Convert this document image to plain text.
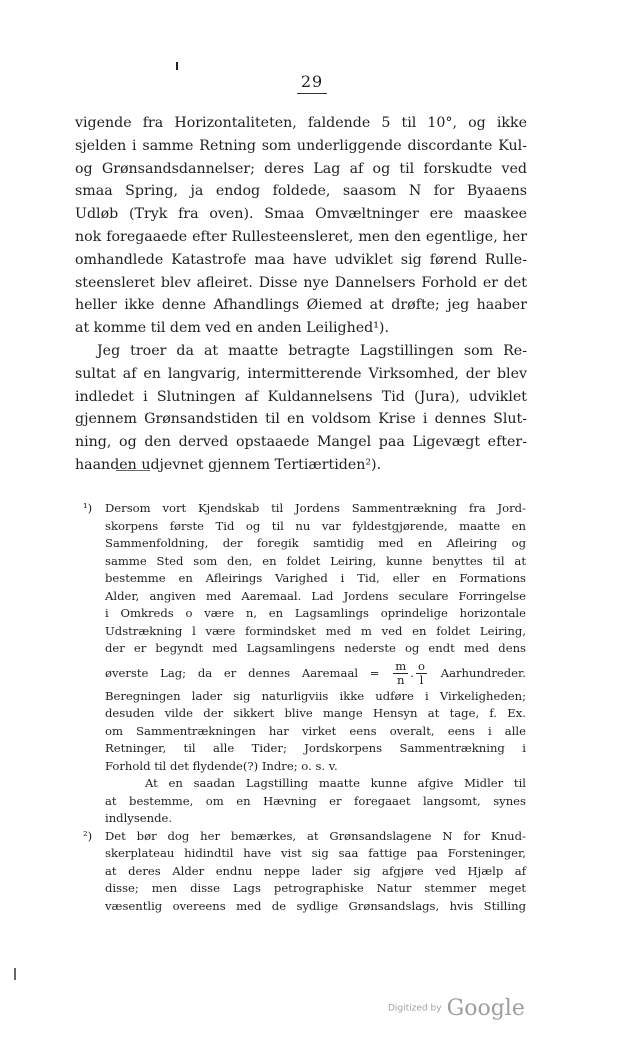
29
vigende fra Horizontaliteten, faldende 5 til 10°, og ikke
sjelden i samme Retning som underliggende discordante Kul-
og Grønsandsdannelser; deres Lag af og til forskudte ved
smaa Spring, ja endog foldede, saasom N for Byaaens
Udløb (Tryk fra oven). Smaa Omvæltninger ere maaskee
nok foregaaede efter Rullesteensleret, men den egentlige, her
omhandlede Katastrofe maa have udviklet sig førend Rulle-
steensleret blev afleiret. Disse nye Dannelsers Forhold er det
heller ikke denne Afhandlings Øiemed at drøfte; jeg haaber
at komme til dem ved en anden Leilighed¹).
Jeg troer da at maatte betragte Lagstillingen som Re-
sultat af en langvarig, intermitterende Virksomhed, der blev
indledet i Slutningen af Kuldannelsens Tid (Jura), udviklet
gjennem Grønsandstiden til en voldsom Krise i dennes Slut-
ning, og den derved opstaaede Mangel paa Ligevægt efter-
haanden udjevnet gjennem Tertiærtiden²).
¹) Dersom vort Kjendskab til Jordens Sammentrækning fra Jord-
skorpens første Tid og til nu var fyldestgjørende, maatte en
Sammenfoldning, der foregik samtidig med en Afleiring og
samme Sted som den, en foldet Leiring, kunne benyttes til at
bestemme en Afleirings Varighed i Tid, eller en Formations
Alder, angiven med Aaremaal. Lad Jordens seculare Forringelse
i Omkreds o være n, en Lagsamlings oprindelige horizontale
Udstrækning l være formindsket med m ved en foldet Leiring,
der er begyndt med Lagsamlingens nederste og endt med dens
øverste Lag; da er dennes Aaremaal = $\frac{m}{n}$ . $\frac{o}{l}$ Aarhundreder.
Beregningen lader sig naturligviis ikke udføre i Virkeligheden;
desuden vilde der sikkert blive mange Hensyn at tage, f. Ex.
om Sammentrækningen har virket eens overalt, eens i alle
Retninger, til alle Tider; Jordskorpens Sammentrækning i
Forhold til det flydende(?) Indre; o. s. v.
At en saadan Lagstilling maatte kunne afgive Midler til
at bestemme, om en Hævning er foregaaet langsomt, synes
indlysende.
²) Det bør dog her bemærkes, at Grønsandslagene N for Knud-
skerplateau hidindtil have vist sig saa fattige paa Forsteninger,
at deres Alder endnu neppe lader sig afgjøre ved Hjælp af
disse; men disse Lags petrographiske Natur stemmer meget
væsentlig overeens med de sydlige Grønsandslags, hvis Stilling
Digitized by Google
